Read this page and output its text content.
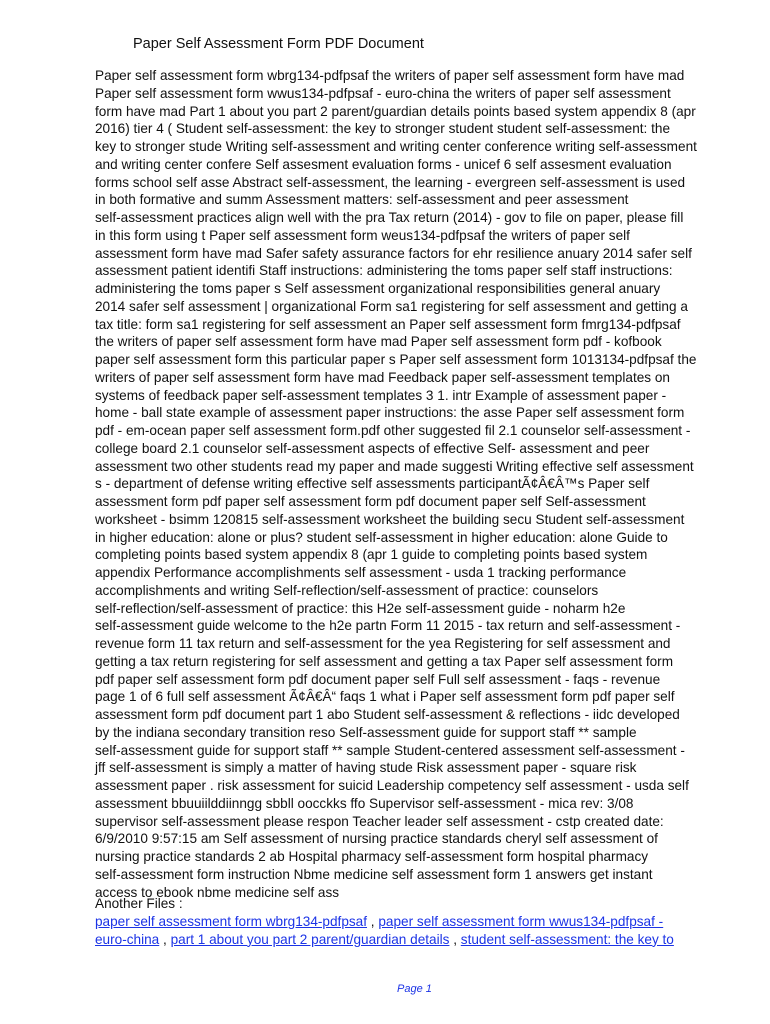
Paper Self Assessment Form PDF Document
Paper self assessment form wbrg134-pdfpsaf the writers of paper self assessment form have mad
Paper self assessment form wwus134-pdfpsaf - euro-china the writers of paper self assessment
form have mad Part 1 about you part 2 parent/guardian details points based system appendix 8 (apr
2016) tier 4 ( Student self-assessment: the key to stronger student student self-assessment: the
key to stronger stude Writing self-assessment and writing center conference writing self-assessment
and writing center confere Self assesment evaluation forms - unicef 6 self assesment evaluation
forms school self asse Abstract self-assessment, the learning - evergreen self-assessment is used
in both formative and summ Assessment matters: self-assessment and peer assessment
self-assessment practices align well with the pra Tax return (2014) - gov to file on paper, please fill
in this form using t Paper self assessment form weus134-pdfpsaf the writers of paper self
assessment form have mad Safer safety assurance factors for ehr resilience anuary 2014 safer self
assessment patient identifi Staff instructions: administering the toms paper self staff instructions:
administering the toms paper s Self assessment organizational responsibilities general anuary
2014 safer self assessment | organizational Form sa1 registering for self assessment and getting a
tax title: form sa1 registering for self assessment an Paper self assessment form fmrg134-pdfpsaf
the writers of paper self assessment form have mad Paper self assessment form pdf - kofbook
paper self assessment form this particular paper s Paper self assessment form 1013134-pdfpsaf the
writers of paper self assessment form have mad Feedback paper self-assessment templates on
systems of feedback paper self-assessment templates 3 1. intr Example of assessment paper -
home - ball state example of assessment paper instructions: the asse Paper self assessment form
pdf - em-ocean paper self assessment form.pdf other suggested fil 2.1 counselor self-assessment -
college board 2.1 counselor self-assessment aspects of effective Self- assessment and peer
assessment two other students read my paper and made suggesti Writing effective self assessment
s - department of defense writing effective self assessments participantÃ¢Â€Â™s Paper self
assessment form pdf paper self assessment form pdf document paper self Self-assessment
worksheet - bsimm 120815 self-assessment worksheet the building secu Student self-assessment
in higher education: alone or plus? student self-assessment in higher education: alone Guide to
completing points based system appendix 8 (apr 1 guide to completing points based system
appendix Performance accomplishments self assessment - usda 1 tracking performance
accomplishments and writing Self-reflection/self-assessment of practice: counselors
self-reflection/self-assessment of practice: this H2e self-assessment guide - noharm h2e
self-assessment guide welcome to the h2e partn Form 11 2015 - tax return and self-assessment -
revenue form 11 tax return and self-assessment for the yea Registering for self assessment and
getting a tax return registering for self assessment and getting a tax Paper self assessment form
pdf paper self assessment form pdf document paper self Full self assessment - faqs - revenue
page 1 of 6 full self assessment Ã¢Â€Â“ faqs 1 what i Paper self assessment form pdf paper self
assessment form pdf document part 1 abo Student self-assessment & reflections - iidc developed
by the indiana secondary transition reso Self-assessment guide for support staff ** sample
self-assessment guide for support staff ** sample Student-centered assessment self-assessment -
jff self-assessment is simply a matter of having stude Risk assessment paper - square risk
assessment paper . risk assessment for suicid Leadership competency self assessment - usda self
assessment bbuuiilddiinngg sbbll oocckks ffo Supervisor self-assessment - mica rev: 3/08
supervisor self-assessment please respon Teacher leader self assessment - cstp created date:
6/9/2010 9:57:15 am Self assessment of nursing practice standards cheryl self assessment of
nursing practice standards 2 ab Hospital pharmacy self-assessment form hospital pharmacy
self-assessment form instruction Nbme medicine self assessment form 1 answers get instant
access to ebook nbme medicine self ass
Another Files :
paper self assessment form wbrg134-pdfpsaf , paper self assessment form wwus134-pdfpsaf -
euro-china , part 1 about you part 2 parent/guardian details , student self-assessment: the key to
Page 1
